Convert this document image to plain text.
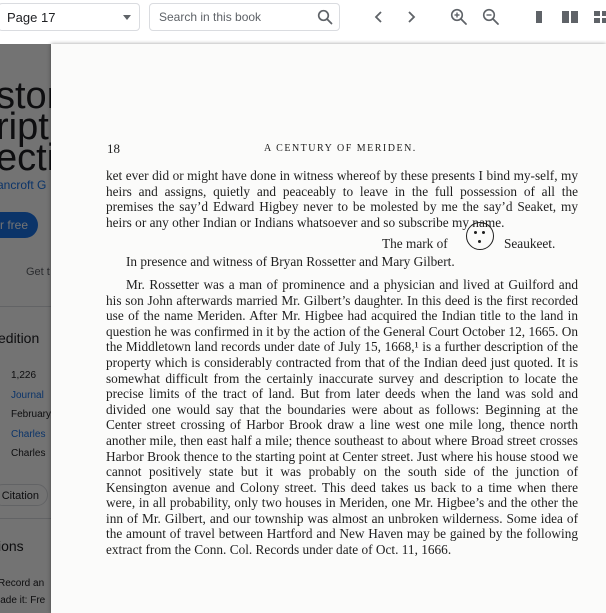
Page 17
Search in this book
18	A CENTURY OF MERIDEN.

ket ever did or might have done in witness whereof by these presents I bind my-self, my heirs and assigns, quietly and peaceably to leave in the full possession of all the premises the say’d Edward Higbey never to be molested by me the say’d Seaket, my heirs or any other Indian or Indians whatsoever and so subscribe my name.

The mark of	Seaukeet.

In presence and witness of Bryan Rossetter and Mary Gilbert.

Mr. Rossetter was a man of prominence and a physician and lived at Guilford and his son John afterwards married Mr. Gilbert’s daughter. In this deed is the first recorded use of the name Meriden. After Mr. Higbee had acquired the Indian title to the land in question he was confirmed in it by the action of the General Court October 12, 1665. On the Middletown land records under date of July 15, 1668,¹ is a further description of the property which is considerably contracted from that of the Indian deed just quoted. It is somewhat difficult from the certainly inaccurate survey and description to locate the precise limits of the tract of land. But from later deeds when the land was sold and divided one would say that the boundaries were about as follows: Beginning at the Center street crossing of Harbor Brook draw a line west one mile long, thence north another mile, then east half a mile; thence southeast to about where Broad street crosses Harbor Brook thence to the starting point at Center street. Just where his house stood we cannot positively state but it was probably on the south side of the junction of Kensington avenue and Colony street. This deed takes us back to a time when there were, in all probability, only two houses in Meriden, one Mr. Higbee’s and the other the inn of Mr. Gilbert, and our township was almost an unbroken wilderness. Some idea of the amount of travel between Hartford and New Haven may be gained by the following extract from the Conn. Col. Records under date of Oct. 11, 1666.
